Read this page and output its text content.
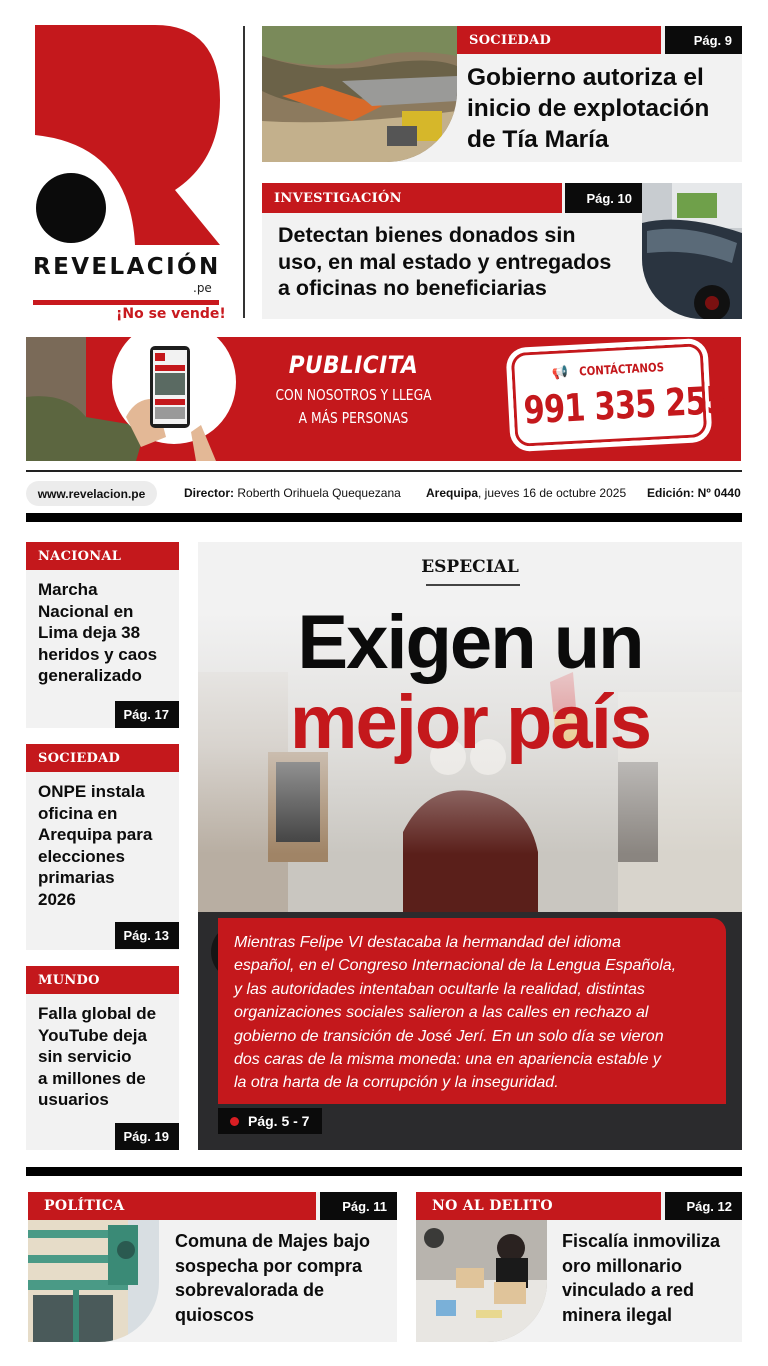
REVELACIÓN
.pe
¡No se vende!
SOCIEDAD	Pág. 9
Gobierno autoriza el
inicio de explotación
de Tía María
INVESTIGACIÓN	Pág. 10
Detectan bienes donados sin
uso, en mal estado y entregados
a oficinas no beneficiarias
PUBLICITA
CON NOSOTROS Y LLEGA
A MÁS PERSONAS
📢 CONTÁCTANOS
991 335 255
www.revelacion.pe	Director: Roberth Orihuela Quequezana Arequipa, jueves 16 de octubre 2025 Edición: Nº 0440
NACIONAL
Marcha
Nacional en
Lima deja 38
heridos y caos
generalizado
Pág. 17
SOCIEDAD
ONPE instala
oficina en
Arequipa para
elecciones
primarias
2026
Pág. 13
MUNDO
Falla global de
YouTube deja
sin servicio
a millones de
usuarios
Pág. 19
ESPECIAL
Exigen un
mejor país
Mientras Felipe VI destacaba la hermandad del idioma
español, en el Congreso Internacional de la Lengua Española,
y las autoridades intentaban ocultarle la realidad, distintas
organizaciones sociales salieron a las calles en rechazo al
gobierno de transición de José Jerí. En un solo día se vieron
dos caras de la misma moneda: una en apariencia estable y
la otra harta de la corrupción y la inseguridad.
Pág. 5 - 7
POLÍTICA	Pág. 11
Comuna de Majes bajo
sospecha por compra
sobrevalorada de
quioscos
NO AL DELITO	Pág. 12
Fiscalía inmoviliza
oro millonario
vinculado a red
minera ilegal
